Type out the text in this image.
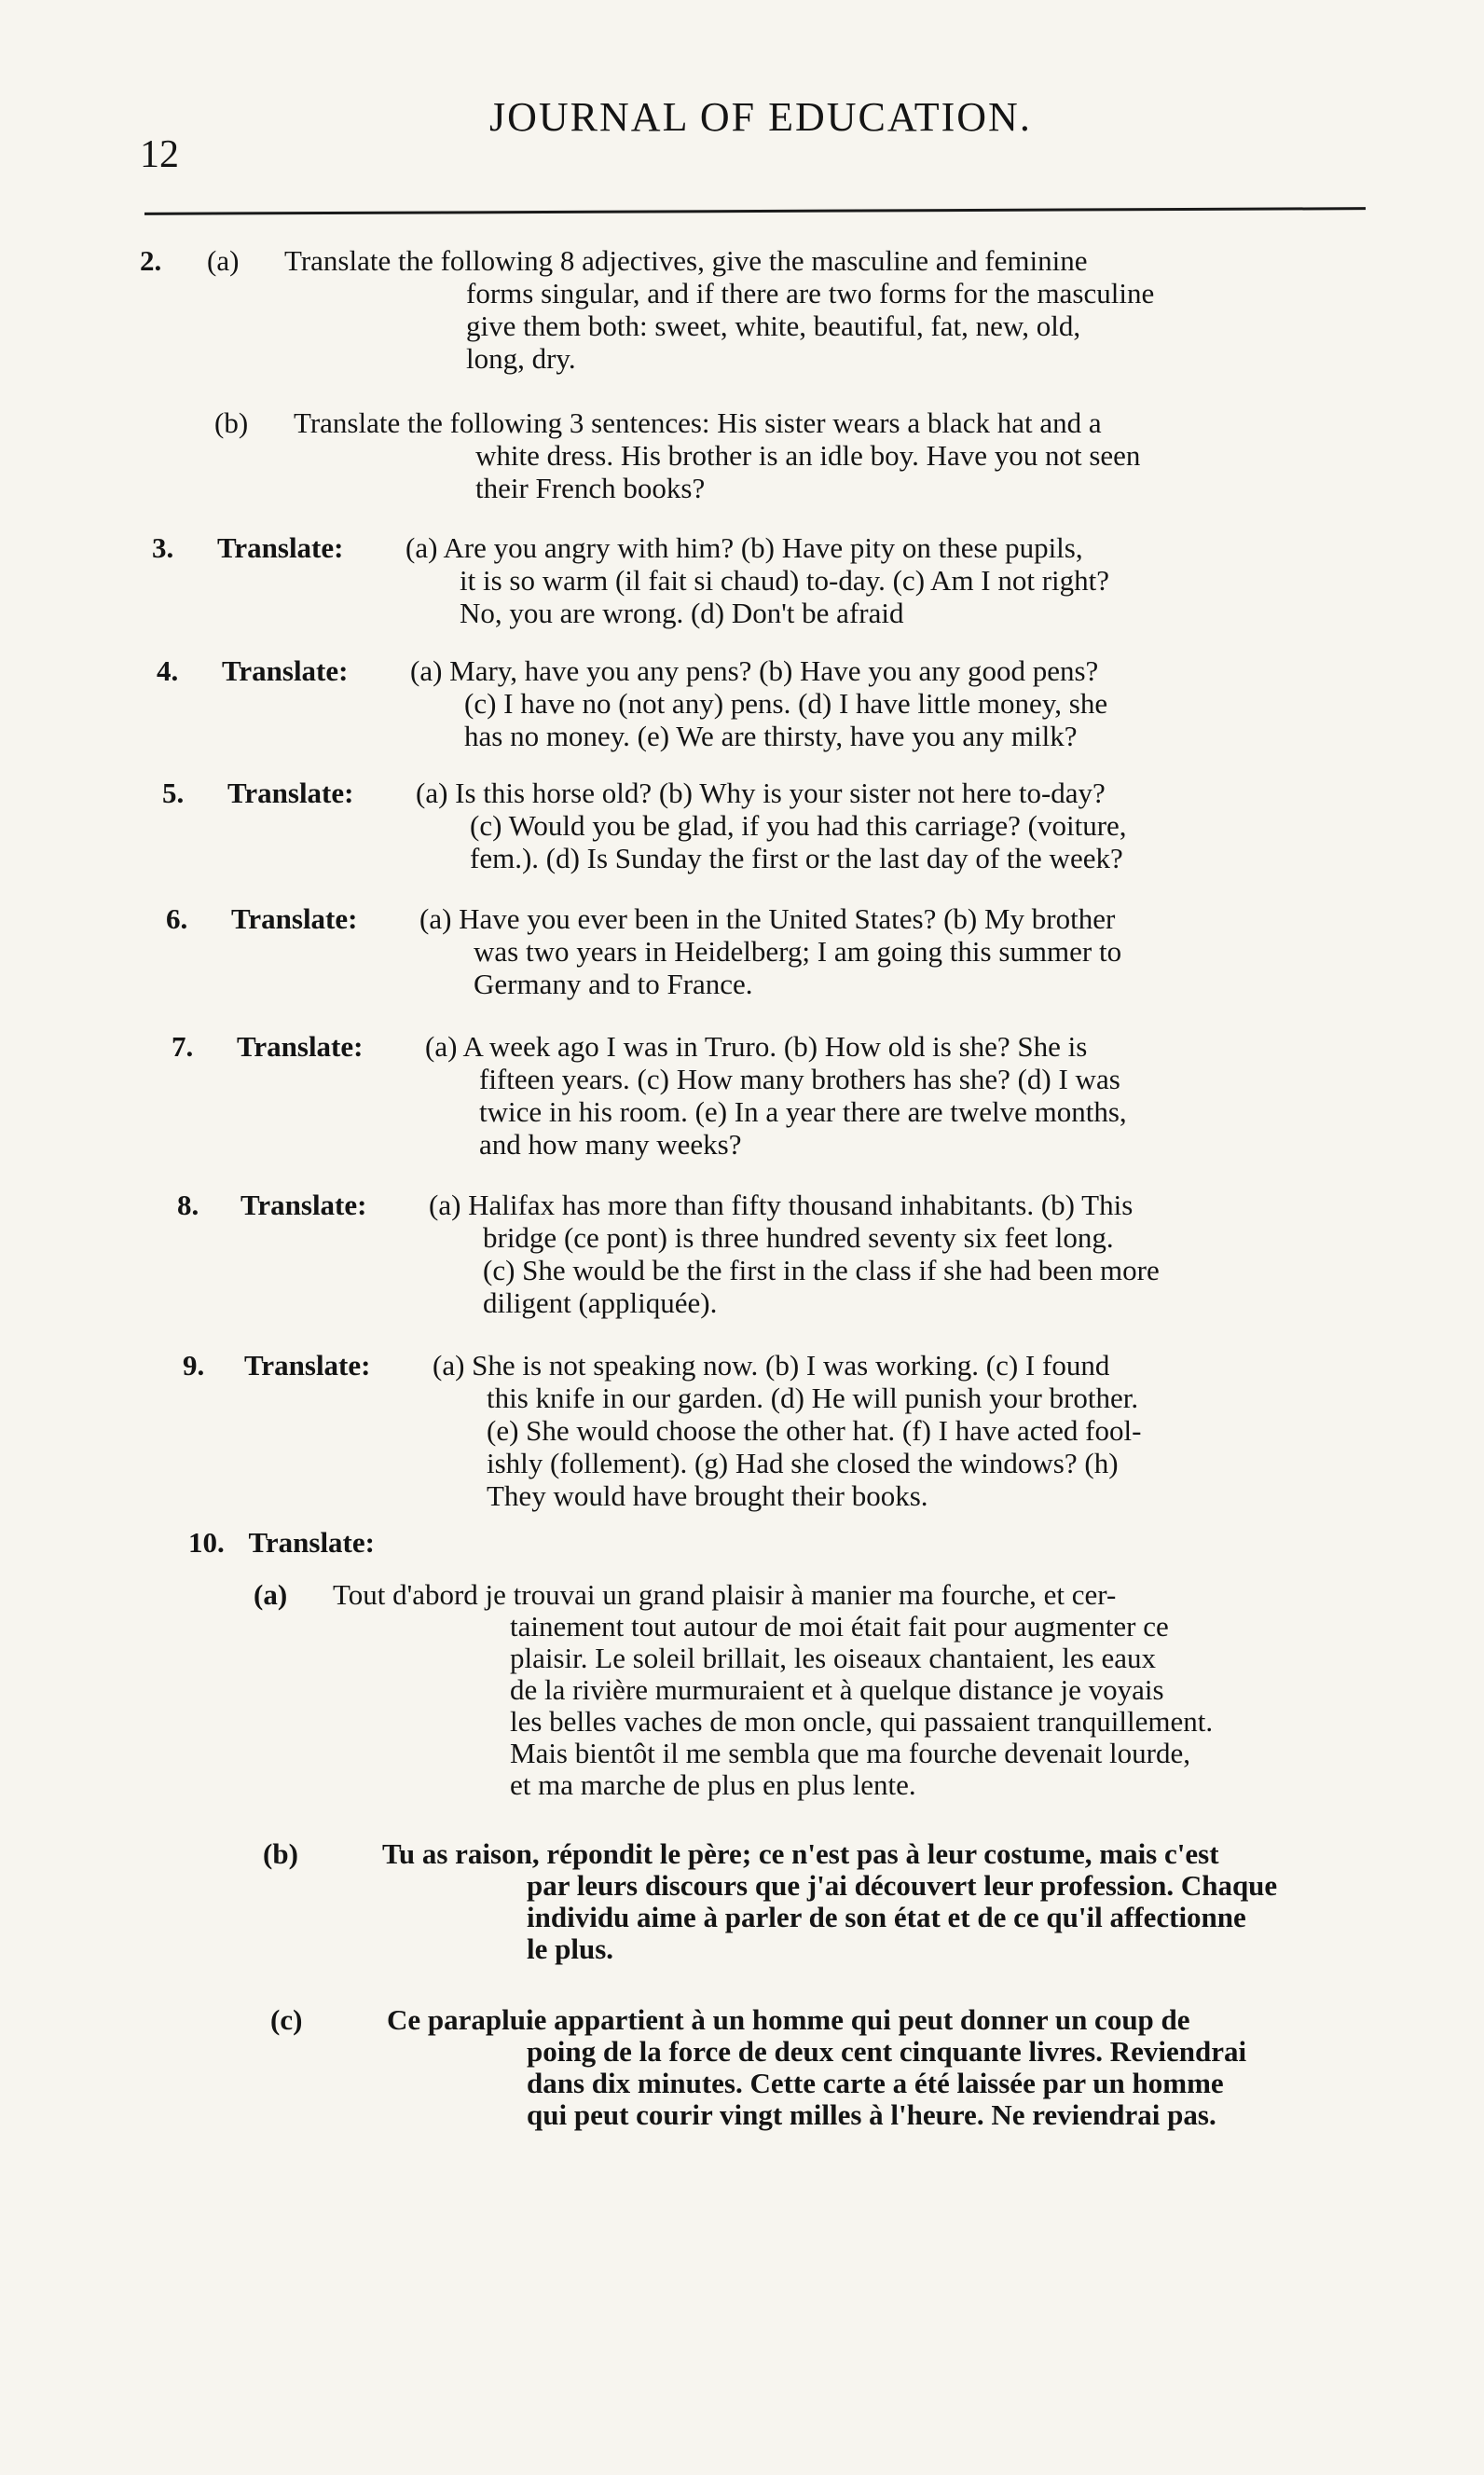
12
JOURNAL OF EDUCATION.
2. (a) Translate the following 8 adjectives, give the masculine and feminine

forms singular, and if there are two forms for the masculine

give them both: sweet, white, beautiful, fat, new, old,

long, dry.

(b) Translate the following 3 sentences: His sister wears a black hat and a

white dress. His brother is an idle boy. Have you not seen

their French books?

3. Translate: (a) Are you angry with him? (b) Have pity on these pupils,

it is so warm (il fait si chaud) to-day. (c) Am I not right?

No, you are wrong. (d) Don't be afraid

4. Translate: (a) Mary, have you any pens? (b) Have you any good pens?

(c) I have no (not any) pens. (d) I have little money, she

has no money. (e) We are thirsty, have you any milk?

5. Translate: (a) Is this horse old? (b) Why is your sister not here to-day?

(c) Would you be glad, if you had this carriage? (voiture,

fem.). (d) Is Sunday the first or the last day of the week?

6. Translate: (a) Have you ever been in the United States? (b) My brother

was two years in Heidelberg; I am going this summer to

Germany and to France.

7. Translate: (a) A week ago I was in Truro. (b) How old is she? She is

fifteen years. (c) How many brothers has she? (d) I was

twice in his room. (e) In a year there are twelve months,

and how many weeks?

8. Translate: (a) Halifax has more than fifty thousand inhabitants. (b) This

bridge (ce pont) is three hundred seventy six feet long.

(c) She would be the first in the class if she had been more

diligent (appliquée).

9. Translate: (a) She is not speaking now. (b) I was working. (c) I found

this knife in our garden. (d) He will punish your brother.

(e) She would choose the other hat. (f) I have acted fool-

ishly (follement). (g) Had she closed the windows? (h)

They would have brought their books.

10. Translate:
(a) Tout d'abord je trouvai un grand plaisir à manier ma fourche, et cer-

tainement tout autour de moi était fait pour augmenter ce

plaisir. Le soleil brillait, les oiseaux chantaient, les eaux

de la rivière murmuraient et à quelque distance je voyais

les belles vaches de mon oncle, qui passaient tranquillement.

Mais bientôt il me sembla que ma fourche devenait lourde,

et ma marche de plus en plus lente.

(b)	Tu as raison, répondit le père; ce n'est pas à leur costume, mais c'est

par leurs discours que j'ai découvert leur profession. Chaque

individu aime à parler de son état et de ce qu'il affectionne

le plus.

(c)	Ce parapluie appartient à un homme qui peut donner un coup de

poing de la force de deux cent cinquante livres. Reviendrai

dans dix minutes. Cette carte a été laissée par un homme

qui peut courir vingt milles à l'heure. Ne reviendrai pas.
